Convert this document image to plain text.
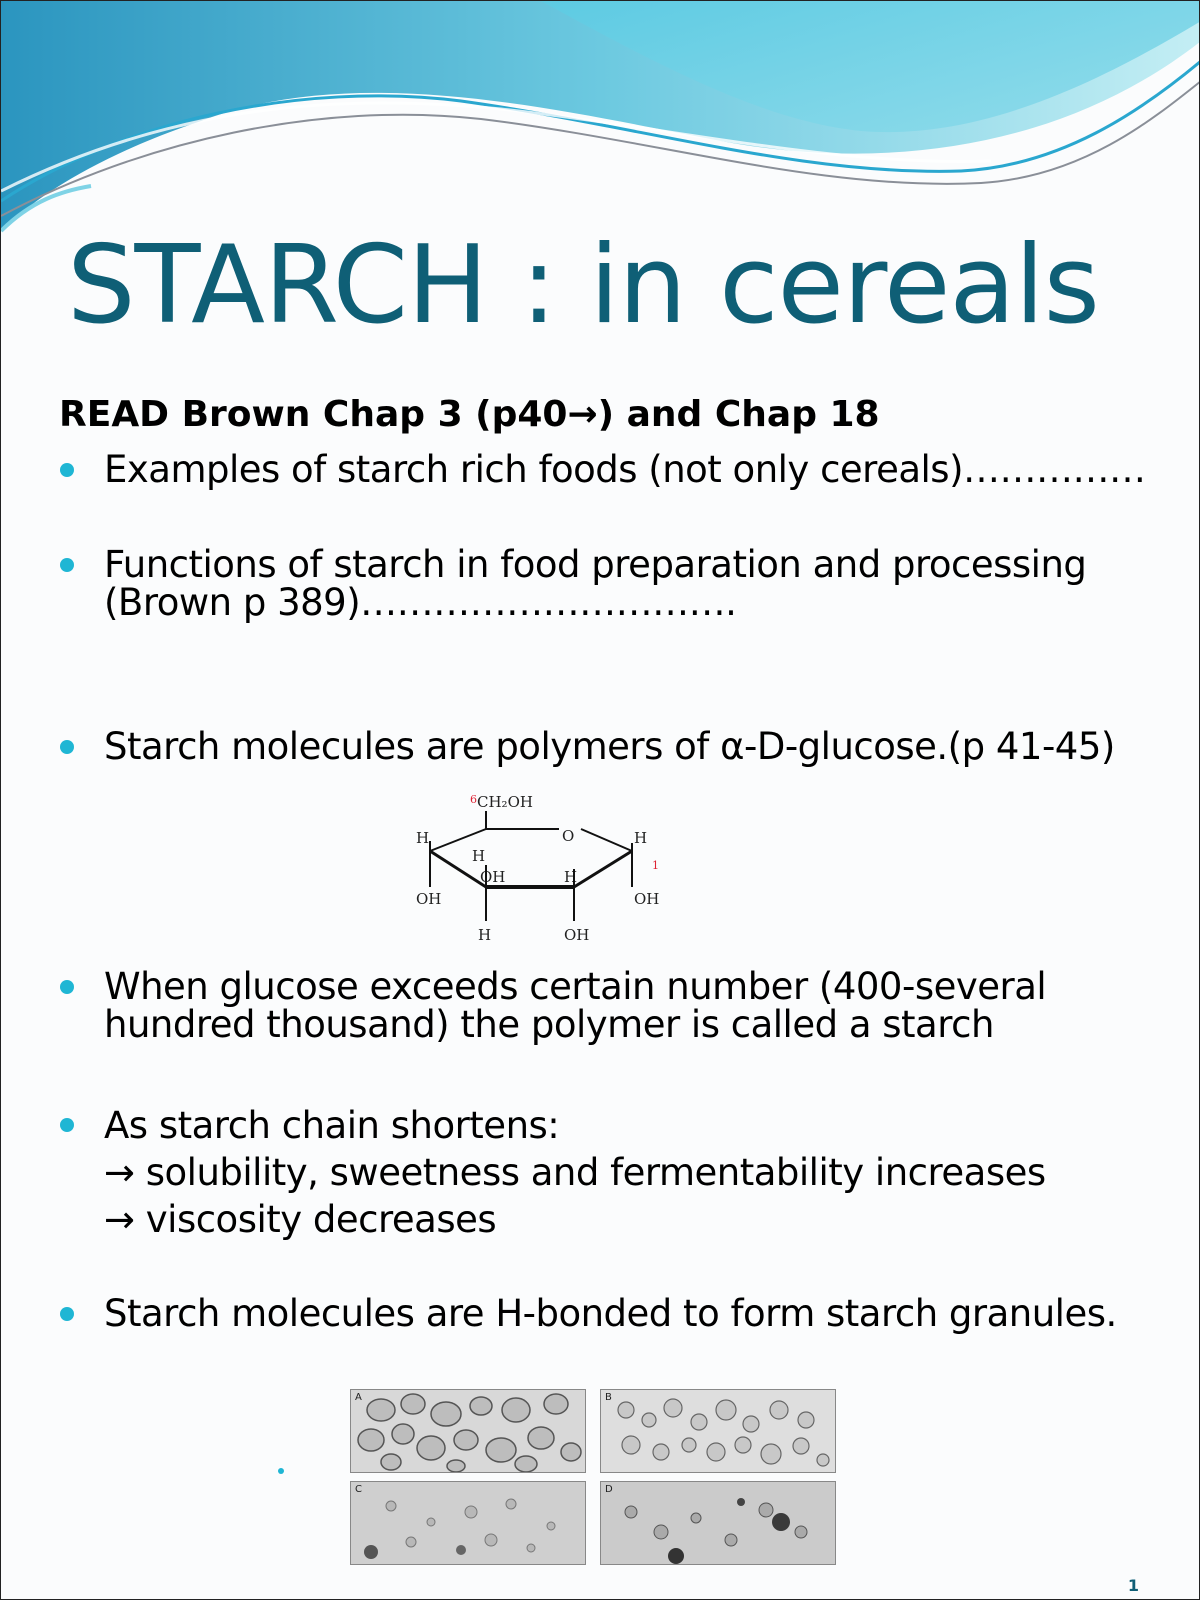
STARCH : in cereals
READ Brown Chap 3 (p40→) and Chap 18
Examples of starch rich foods (not only cereals)……………
Functions of starch in food preparation and processing
(Brown p 389)………………………….
Starch molecules are polymers of α-D-glucose.(p 41-45)
6 CH₂OH
O
H
H
OH	H
H
1
OH	OH
H	OH
When glucose exceeds certain number (400-several
hundred thousand) the polymer is called a starch
As starch chain shortens:
→ solubility, sweetness and fermentability increases
→ viscosity decreases
Starch molecules are H-bonded to form starch granules.
A	B
C	D
1
